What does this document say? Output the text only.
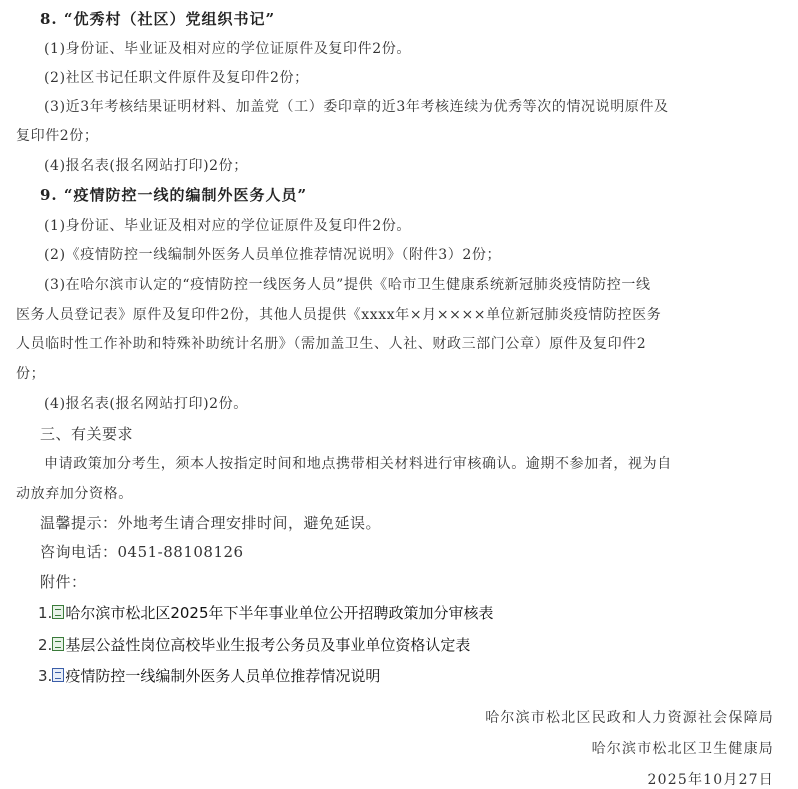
8. “优秀村（社区）党组织书记”

(1)身份证、毕业证及相对应的学位证原件及复印件2份。

(2)社区书记任职文件原件及复印件2份；

(3)近3年考核结果证明材料、加盖党（工）委印章的近3年考核连续为优秀等次的情况说明原件及

复印件2份；

(4)报名表(报名网站打印)2份；

9. “疫情防控一线的编制外医务人员”

(1)身份证、毕业证及相对应的学位证原件及复印件2份。

(2)《疫情防控一线编制外医务人员单位推荐情况说明》（附件3）2份；

(3)在哈尔滨市认定的“疫情防控一线医务人员”提供《哈市卫生健康系统新冠肺炎疫情防控一线

医务人员登记表》原件及复印件2份，其他人员提供《xxxx年×月××××单位新冠肺炎疫情防控医务

人员临时性工作补助和特殊补助统计名册》（需加盖卫生、人社、财政三部门公章）原件及复印件2

份；

(4)报名表(报名网站打印)2份。

三、有关要求

申请政策加分考生，须本人按指定时间和地点携带相关材料进行审核确认。逾期不参加者，视为自

动放弃加分资格。

温馨提示：外地考生请合理安排时间，避免延误。

咨询电话：0451-88108126

附件：

1. 哈尔滨市松北区2025年下半年事业单位公开招聘政策加分审核表
2. 基层公益性岗位高校毕业生报考公务员及事业单位资格认定表
3. 疫情防控一线编制外医务人员单位推荐情况说明

哈尔滨市松北区民政和人力资源社会保障局

哈尔滨市松北区卫生健康局

2025年10月27日
